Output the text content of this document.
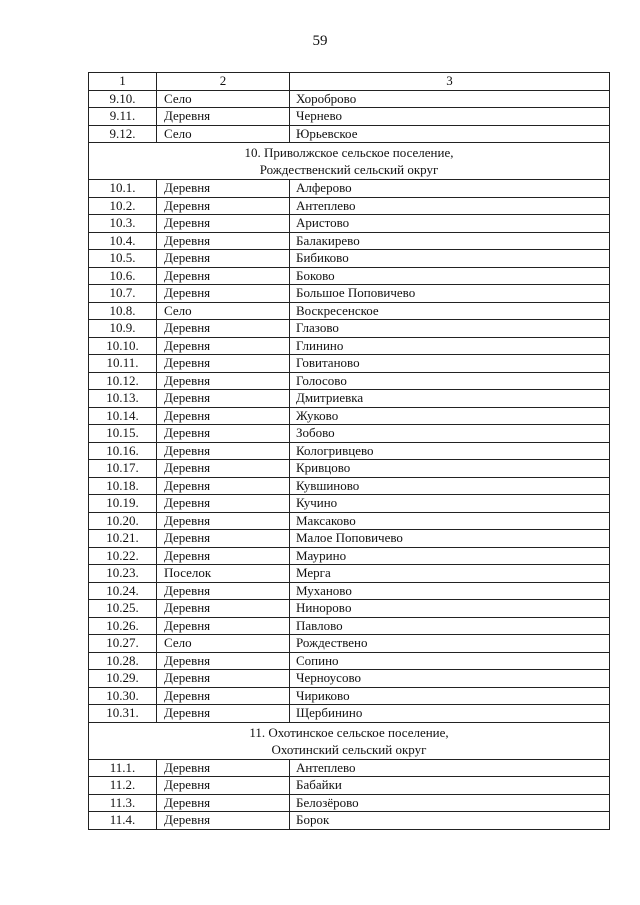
59
1	2	3
9.10.	Село	Хороброво
9.11.	Деревня	Чернево
9.12.	Село	Юрьевское

10. Приволжское сельское поселение,
Рождественский сельский округ		

10.1.	Деревня	Алферово
10.2.	Деревня	Антеплево
10.3.	Деревня	Аристово
10.4.	Деревня	Балакирево
10.5.	Деревня	Бибиково
10.6.	Деревня	Боково
10.7.	Деревня	Большое Поповичево
10.8.	Село	Воскресенское
10.9.	Деревня	Глазово
10.10.	Деревня	Глинино
10.11.	Деревня	Говитаново
10.12.	Деревня	Голосово
10.13.	Деревня	Дмитриевка
10.14.	Деревня	Жуково
10.15.	Деревня	Зобово
10.16.	Деревня	Кологривцево
10.17.	Деревня	Кривцово
10.18.	Деревня	Кувшиново
10.19.	Деревня	Кучино
10.20.	Деревня	Максаково
10.21.	Деревня	Малое Поповичево
10.22.	Деревня	Маурино
10.23.	Поселок	Мерга
10.24.	Деревня	Муханово
10.25.	Деревня	Ниноровo
10.26.	Деревня	Павлово
10.27.	Село	Рождествено
10.28.	Деревня	Сопино
10.29.	Деревня	Черноусово
10.30.	Деревня	Чириково
10.31.	Деревня	Щербинино

11. Охотинское сельское поселение,
Охотинский сельский округ		

11.1.	Деревня	Антеплево
11.2.	Деревня	Бабайки
11.3.	Деревня	Белозёрово
11.4.	Деревня	Борок
